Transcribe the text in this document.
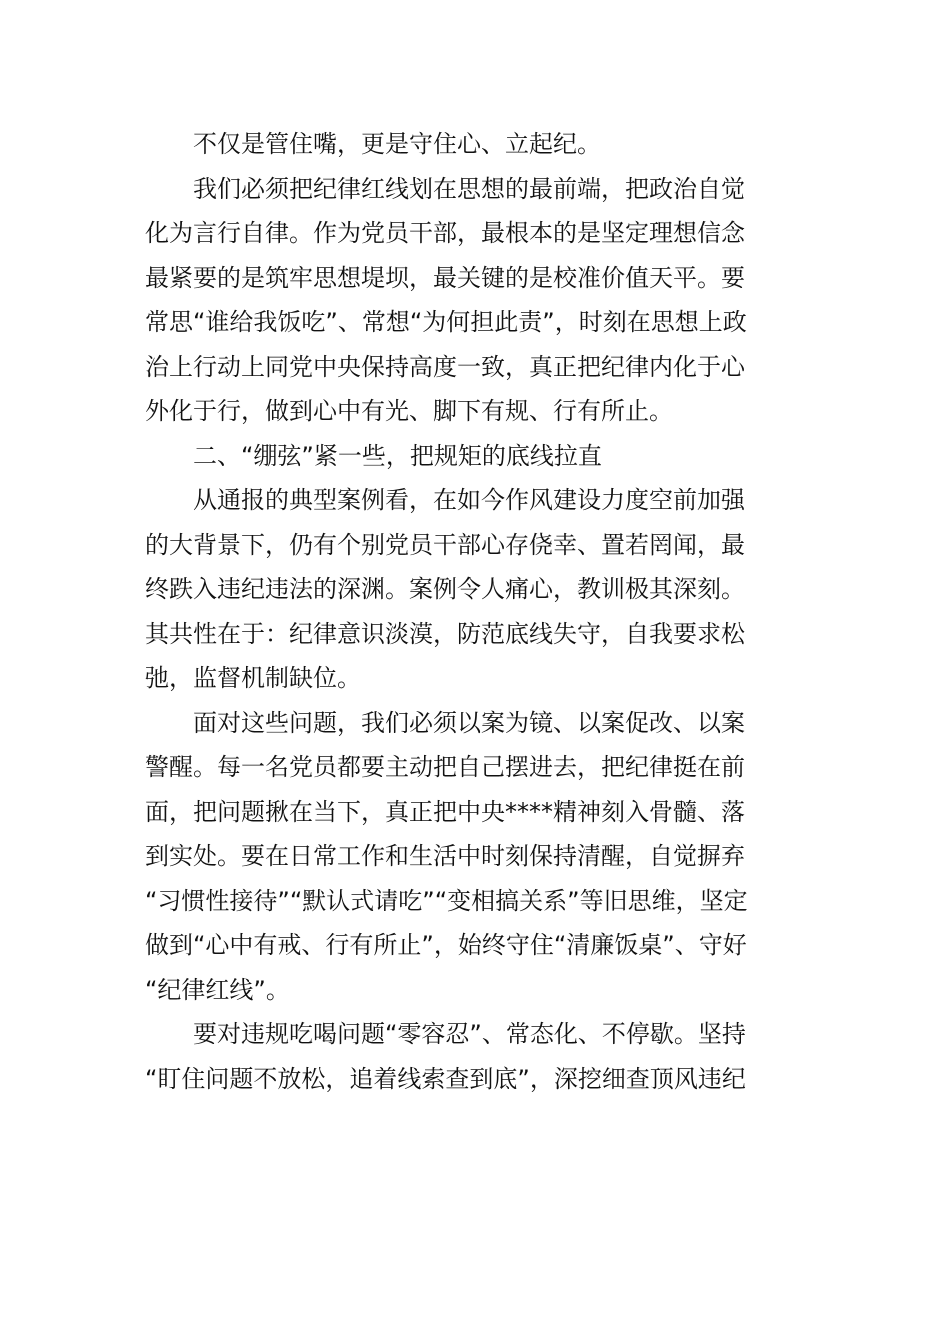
不仅是管住嘴，更是守住心、立起纪。
我们必须把纪律红线划在思想的最前端，把政治自觉
化为言行自律。作为党员干部，最根本的是坚定理想信念
最紧要的是筑牢思想堤坝，最关键的是校准价值天平。要
常思“谁给我饭吃”、常想“为何担此责”，时刻在思想上政
治上行动上同党中央保持高度一致，真正把纪律内化于心
外化于行，做到心中有光、脚下有规、行有所止。
二、“绷弦”紧一些，把规矩的底线拉直
从通报的典型案例看，在如今作风建设力度空前加强
的大背景下，仍有个别党员干部心存侥幸、置若罔闻，最
终跌入违纪违法的深渊。案例令人痛心，教训极其深刻。
其共性在于：纪律意识淡漠，防范底线失守，自我要求松
弛，监督机制缺位。
面对这些问题，我们必须以案为镜、以案促改、以案
警醒。每一名党员都要主动把自己摆进去，把纪律挺在前
面，把问题揪在当下，真正把中央****精神刻入骨髓、落
到实处。要在日常工作和生活中时刻保持清醒，自觉摒弃
“习惯性接待”“默认式请吃”“变相搞关系”等旧思维，坚定
做到“心中有戒、行有所止”，始终守住“清廉饭桌”、守好
“纪律红线”。
要对违规吃喝问题“零容忍”、常态化、不停歇。坚持
“盯住问题不放松，追着线索查到底”，深挖细查顶风违纪
